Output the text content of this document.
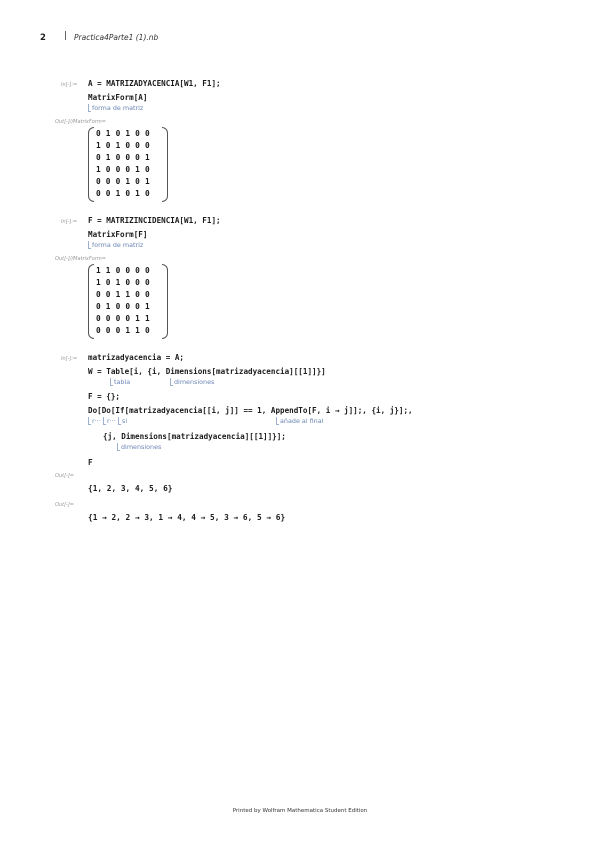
2 | Practica4Parte1 (1).nb
In[-]:= A = MATRIZADYACENCIA[W1, F1];
MatrixForm[A]
forma de matriz
Out[-]//MatrixForm=
0 1 0 1 0 0
1 0 1 0 0 0
0 1 0 0 0 1
1 0 0 0 1 0
0 0 0 1 0 1
0 0 1 0 1 0
In[-]:= F = MATRIZINCIDENCIA[W1, F1];
MatrixForm[F]
forma de matriz
Out[-]//MatrixForm=
1 1 0 0 0 0
1 0 1 0 0 0
0 0 1 1 0 0
0 1 0 0 0 1
0 0 0 0 1 1
0 0 0 1 1 0
In[-]:= matrizadyacencia = A;
W = Table[i, {i, Dimensions[matrizadyacencia][[1]]}]
tabla	dimensiones
F = {};
Do[Do[If[matrizadyacencia[[i, j]] == 1, AppendTo[F, i → j]];, {i, j}];,
r··· r··· si	añade al final
{j, Dimensions[matrizadyacencia][[1]]}];
dimensiones
F
Out[-]=
{1, 2, 3, 4, 5, 6}
Out[-]=
{1 → 2, 2 → 3, 1 → 4, 4 → 5, 3 → 6, 5 → 6}
Printed by Wolfram Mathematica Student Edition
